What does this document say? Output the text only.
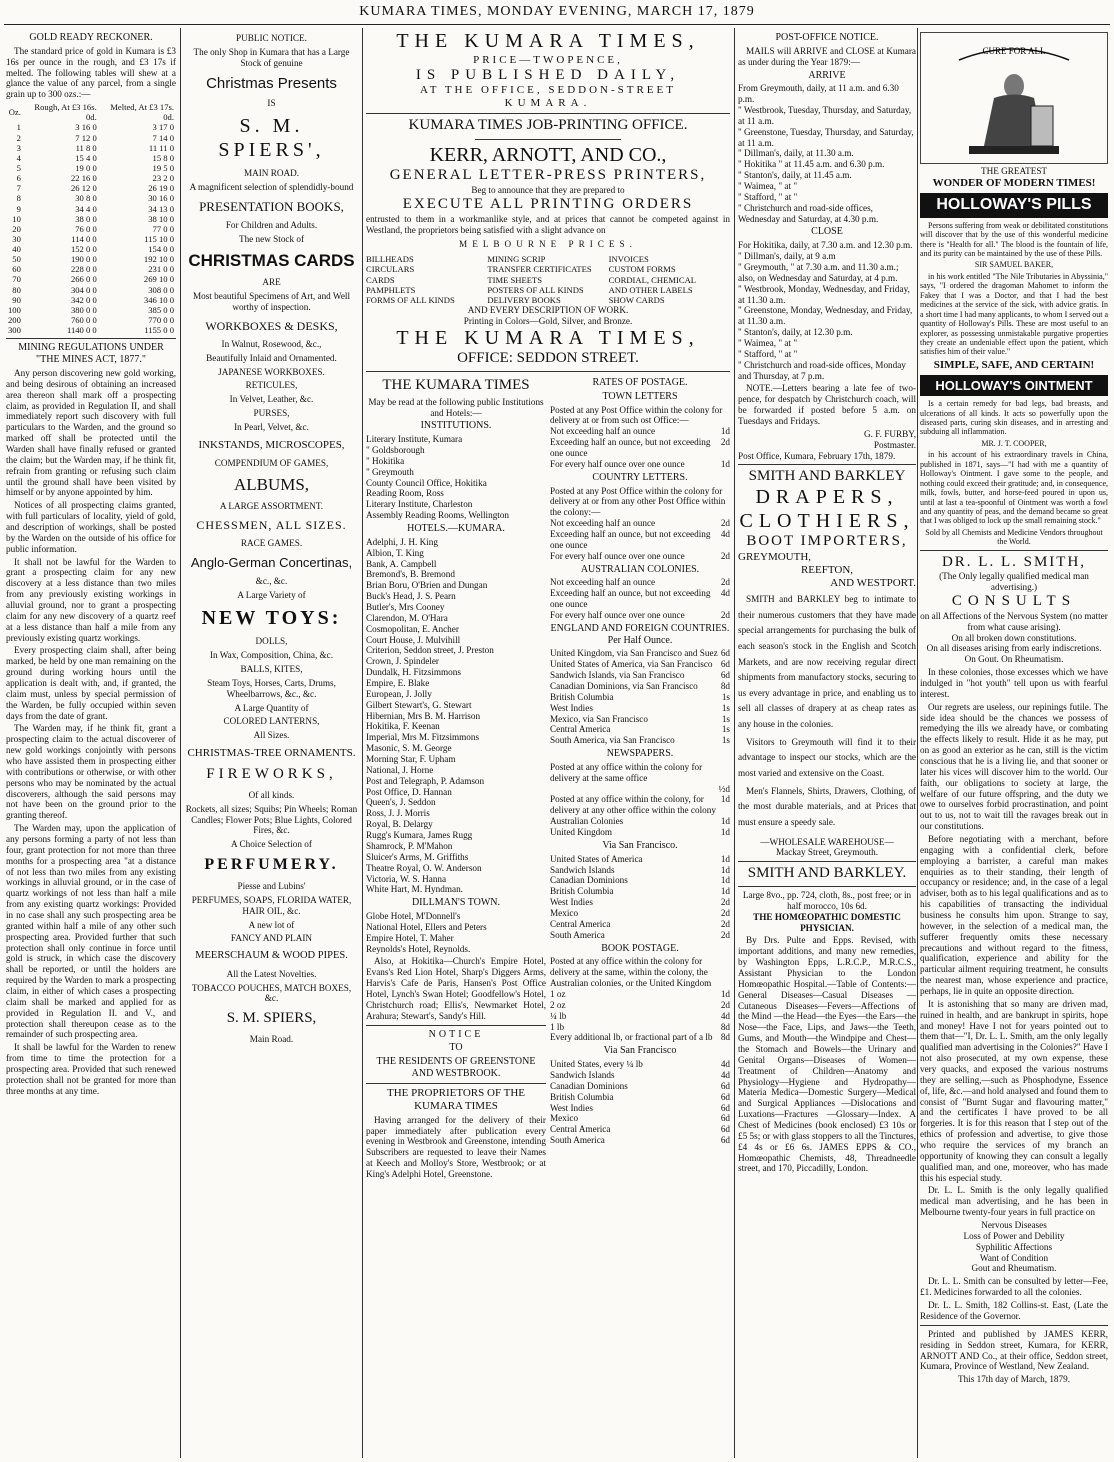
KUMARA TIMES, MONDAY EVENING, MARCH 17, 1879
GOLD READY RECKONER.

The standard price of gold in Kumara is £3 16s per ounce in the rough, and £3 17s if melted. The following tables will shew at a glance the value of any parcel, from a single grain up to 300 ozs.:—

Oz.	Rough, At £3 16s. 0d.	Melted, At £3 17s. 0d.
1	3 16 0	3 17 0
2	7 12 0	7 14 0
3	11 8 0	11 11 0
4	15 4 0	15 8 0
5	19 0 0	19 5 0
6	22 16 0	23 2 0
7	26 12 0	26 19 0
8	30 8 0	30 16 0
9	34 4 0	34 13 0
10	38 0 0	38 10 0
20	76 0 0	77 0 0
30	114 0 0	115 10 0
40	152 0 0	154 0 0
50	190 0 0	192 10 0
60	228 0 0	231 0 0
70	266 0 0	269 10 0
80	304 0 0	308 0 0
90	342 0 0	346 10 0
100	380 0 0	385 0 0
200	760 0 0	770 0 0
300	1140 0 0	1155 0 0
MINING REGULATIONS UNDER "THE MINES ACT, 1877."

Any person discovering new gold working, and being desirous of obtaining an increased area thereon shall mark off a prospecting claim, as provided in Regulation II, and shall immediately report such discovery with full particulars to the Warden, and the ground so marked off shall be protected until the Warden shall have finally refused or granted the claim; but the Warden may, if he think fit, refrain from granting or refusing such claim until the ground shall have been visited by himself or by anyone appointed by him.

Notices of all prospecting claims granted, with full particulars of locality, yield of gold, and description of workings, shall be posted by the Warden on the outside of his office for public information.

It shall not be lawful for the Warden to grant a prospecting claim for any new discovery at a less distance than two miles from any previously existing workings in alluvial ground, nor to grant a prospecting claim for any new discovery of a quartz reef at a less distance than half a mile from any previously existing quartz workings.

Every prospecting claim shall, after being marked, be held by one man remaining on the ground during working hours until the application is dealt with, and, if granted, the claim must, unless by special permission of the Warden, be fully occupied within seven days from the date of grant.

The Warden may, if he think fit, grant a prospecting claim to the actual discoverer of new gold workings conjointly with persons who have assisted them in prospecting either with contributions or otherwise, or with other persons who may be nominated by the actual discoverers, although the said persons may not have been on the ground prior to the granting thereof.

The Warden may, upon the application of any persons forming a party of not less than four, grant protection for not more than three months for a prospecting area "at a distance of not less than two miles from any existing workings in alluvial ground, or in the case of quartz workings of not less than half a mile from any existing quartz workings: Provided in no case shall any such prospecting area be granted within half a mile of any other such prospecting area. Provided further that such protection shall only continue in force until gold is struck, in which case the discovery shall be reported, or until the holders are required by the Warden to mark a prospecting claim, in either of which cases a prospecting claim shall be marked and applied for as provided in Regulation II. and V., and protection shall thereupon cease as to the remainder of such prospecting area.

It shall be lawful for the Warden to renew from time to time the protection for a prospecting area. Provided that such renewed protection shall not be granted for more than three months at any time.

PUBLIC NOTICE.
The only Shop in Kumara that has a Large Stock of genuine
Christmas Presents
IS
S. M. SPIERS',
MAIN ROAD.
A magnificent selection of splendidly-bound
PRESENTATION BOOKS,
For Children and Adults.
The new Stock of
CHRISTMAS CARDS
ARE
Most beautiful Specimens of Art, and Well worthy of inspection.
WORKBOXES & DESKS,
In Walnut, Rosewood, &c.,
Beautifully Inlaid and Ornamented.
JAPANESE WORKBOXES.
RETICULES,
In Velvet, Leather, &c.
PURSES,
In Pearl, Velvet, &c.
INKSTANDS, MICROSCOPES,
COMPENDIUM OF GAMES,
ALBUMS,
A LARGE ASSORTMENT.
CHESSMEN, ALL SIZES.
RACE GAMES.
Anglo-German Concertinas,
&c., &c.
A Large Variety of
NEW TOYS:
DOLLS,
In Wax, Composition, China, &c.
BALLS, KITES,
Steam Toys, Horses, Carts, Drums, Wheelbarrows, &c., &c.
A Large Quantity of
COLORED LANTERNS,
All Sizes.
CHRISTMAS-TREE ORNAMENTS.
FIREWORKS,
Of all kinds.
Rockets, all sizes; Squibs; Pin Wheels; Roman Candles; Flower Pots; Blue Lights, Colored Fires, &c.
A Choice Selection of
PERFUMERY.
Piesse and Lubins'
PERFUMES, SOAPS, FLORIDA WATER, HAIR OIL, &c.
A new lot of
FANCY AND PLAIN
MEERSCHAUM & WOOD PIPES.
All the Latest Novelties.
TOBACCO POUCHES, MATCH BOXES, &c.
S. M. SPIERS,
Main Road.
THE KUMARA TIMES,
PRICE—TWOPENCE,
IS PUBLISHED DAILY,
AT THE OFFICE, SEDDON-STREET
KUMARA.
KUMARA TIMES JOB-PRINTING OFFICE.
KERR, ARNOTT, AND CO.,
GENERAL LETTER-PRESS PRINTERS,
Beg to announce that they are prepared to
EXECUTE ALL PRINTING ORDERS
entrusted to them in a workmanlike style, and at prices that cannot be competed against in Westland, the proprietors being satisfied with a slight advance on
MELBOURNE PRICES.
BILLHEADS	MINING SCRIP	INVOICES
CIRCULARS	TRANSFER CERTIFICATES	CUSTOM FORMS
CARDS	TIME SHEETS	CORDIAL, CHEMICAL
PAMPHLETS	POSTERS OF ALL KINDS	AND OTHER LABELS
FORMS OF ALL KINDS	DELIVERY BOOKS	SHOW CARDS
AND EVERY DESCRIPTION OF WORK.
Printing in Colors—Gold, Silver, and Bronze.
THE KUMARA TIMES,
OFFICE: SEDDON STREET.
THE KUMARA TIMES
May be read at the following public Institutions and Hotels:—
INSTITUTIONS.
Literary Institute, Kumara
" Goldsborough
" Hokitika
" Greymouth
County Council Office, Hokitika
Reading Room, Ross
Literary Institute, Charleston
Assembly Reading Rooms, Wellington
HOTELS.—KUMARA.
Adelphi, J. H. King
Albion, T. King
Bank, A. Campbell
Bremond's, B. Bremond
Brian Boru, O'Brien and Dungan
Buck's Head, J. S. Pearn
Butler's, Mrs Cooney
Clarendon, M. O'Hara
Cosmopolitan, E. Ancher
Court House, J. Mulvihill
Criterion, Seddon street, J. Preston
Crown, J. Spindeler
Dundalk, H. Fitzsimmons
Empire, E. Blake
European, J. Jolly
Gilbert Stewart's, G. Stewart
Hibernian, Mrs B. M. Harrison
Hokitika, F. Keenan
Imperial, Mrs M. Fitzsimmons
Masonic, S. M. George
Morning Star, F. Upham
National, J. Horne
Post and Telegraph, P. Adamson
Post Office, D. Hannan
Queen's, J. Seddon
Ross, J. J. Morris
Royal, B. Delargy
Rugg's Kumara, James Rugg
Shamrock, P. M'Mahon
Sluicer's Arms, M. Griffiths
Theatre Royal, O. W. Anderson
Victoria, W. S. Hanna
White Hart, M. Hyndman.
DILLMAN'S TOWN.
Globe Hotel, M'Donnell's
National Hotel, Ellers and Peters
Empire Hotel, T. Maher
Reynolds's Hotel, Reynolds.

Also, at Hokitika—Church's Empire Hotel, Evans's Red Lion Hotel, Sharp's Diggers Arms, Harvis's Cafe de Paris, Hansen's Post Office Hotel, Lynch's Swan Hotel; Goodfellow's Hotel, Christchurch road; Ellis's, Newmarket Hotel, Arahura; Stewart's, Sandy's Hill.

NOTICE
TO
THE RESIDENTS OF GREENSTONE AND WESTBROOK.
THE PROPRIETORS OF THE KUMARA TIMES

Having arranged for the delivery of their paper immediately after publication every evening in Westbrook and Greenstone, intending Subscribers are requested to leave their Names at Keech and Molloy's Store, Westbrook; or at King's Adelphi Hotel, Greenstone.

RATES OF POSTAGE.
TOWN LETTERS
Posted at any Post Office within the colony for delivery at or from such ost Office:—
Not exceeding half an ounce	1d
Exceeding half an ounce, but not exceeding one ounce
2d
For every half ounce over one ounce	1d
COUNTRY LETTERS.
Posted at any Post Office within the colony for delivery at or from any other Post Office within the colony:—
Not exceeding half an ounce	2d
Exceeding half an ounce, but not exceeding one ounce
4d
For every half ounce over one ounce	2d
AUSTRALIAN COLONIES.
Not exceeding half an ounce	2d
Exceeding half an ounce, but not exceeding one ounce
4d
For every half ounce over one ounce	2d
ENGLAND AND FOREIGN COUNTRIES. Per Half Ounce.
United Kingdom, via San Francisco and Suez 6d
United States of America, via San Francisco 6d
Sandwich Islands, via San Francisco	6d
Canadian Dominions, via San Francisco	8d
British Columbia	1s
West Indies	1s
Mexico, via San Francisco	1s
Central America	1s
South America, via San Francisco	1s
NEWSPAPERS.
Posted at any office within the colony for delivery at the same office
½d
Posted at any office within the colony, for delivery at any other office within the colony
1d
Australian Colonies	1d
United Kingdom	1d
Via San Francisco.
United States of America	1d
Sandwich Islands	1d
Canadian Dominions	1d
British Columbia	1d
West Indies	2d
Mexico	2d
Central America	2d
South America	2d
BOOK POSTAGE.
Posted at any office within the colony for delivery at the same, within the colony, the Australian colonies, or the United Kingdom
1 oz	1d
2 oz	2d
¼ lb	4d
1 lb	8d
Every additional lb, or fractional part of a lb 8d
Via San Francisco
United States, every ¼ lb	4d
Sandwich Islands	4d
Canadian Dominions	6d
British Columbia	6d
West Indies	6d
Mexico	6d
Central America	6d
South America	6d
POST-OFFICE NOTICE.

MAILS will ARRIVE and CLOSE at Kumara as under during the Year 1879:—

ARRIVE
From Greymouth, daily, at 11 a.m. and 6.30 p.m.
" Westbrook, Tuesday, Thursday, and Saturday, at 11 a.m.
" Greenstone, Tuesday, Thursday, and Saturday, at 11 a.m.
" Dillman's, daily, at 11.30 a.m.
" Hokitika " at 11.45 a.m. and 6.30 p.m.
" Stanton's, daily, at 11.45 a.m.
" Waimea, " at "
" Stafford, " at "
" Christchurch and road-side offices, Wednesday and Saturday, at 4.30 p.m.
CLOSE
For Hokitika, daily, at 7.30 a.m. and 12.30 p.m.
" Dillman's, daily, at 9 a.m
" Greymouth, " at 7.30 a.m. and 11.30 a.m.; also, on Wednesday and Saturday, at 4 p.m.
" Westbrook, Monday, Wednesday, and Friday, at 11.30 a.m.
" Greenstone, Monday, Wednesday, and Friday, at 11.30 a.m.
" Stanton's, daily, at 12.30 p.m.
" Waimea, " at "
" Stafford, " at "
" Christchurch and road-side offices, Monday and Thursday, at 7 p.m.

NOTE.—Letters bearing a late fee of two-pence, for despatch by Christchurch coach, will be forwarded if posted before 5 a.m. on Tuesdays and Fridays.

G. F. FURBY,
Postmaster.
Post Office, Kumara, February 17th, 1879.
SMITH AND BARKLEY
DRAPERS,
CLOTHIERS,
BOOT IMPORTERS,
GREYMOUTH,
REEFTON,
AND WESTPORT.

SMITH and BARKLEY beg to intimate to their numerous customers that they have made special arrangements for purchasing the bulk of each season's stock in the English and Scotch Markets, and are now receiving regular direct shipments from manufactory stocks, securing to us every advantage in price, and enabling us to sell all classes of drapery at as cheap rates as any house in the colonies.

Visitors to Greymouth will find it to their advantage to inspect our stocks, which are the most varied and extensive on the Coast.

Men's Flannels, Shirts, Drawers, Clothing, of the most durable materials, and at Prices that must ensure a speedy sale.

—WHOLESALE WAREHOUSE—
Mackay Street, Greymouth.
SMITH AND BARKLEY.
Large 8vo., pp. 724, cloth, 8s., post free; or in half morocco, 10s 6d.
THE HOMŒOPATHIC DOMESTIC PHYSICIAN.

By Drs. Pulte and Epps. Revised, with important additions, and many new remedies, by Washington Epps, L.R.C.P., M.R.C.S., Assistant Physician to the London Homœopathic Hospital.—Table of Contents:—General Diseases—Casual Diseases — Cutaneous Diseases—Fevers—Affections of the Mind —the Head—the Eyes—the Ears—the Nose—the Face, Lips, and Jaws—the Teeth, Gums, and Mouth—the Windpipe and Chest—the Stomach and Bowels—the Urinary and Genital Organs—Diseases of Women—Treatment of Children—Anatomy and Physiology—Hygiene and Hydropathy—Materia Medica—Domestic Surgery—Medical and Surgical Appliances —Dislocations and Luxations—Fractures —Glossary—Index. A Chest of Medicines (book enclosed) £3 10s or £5 5s; or with glass stoppers to all the Tinctures, £4 4s or £6 6s. JAMES EPPS & CO., Homœopathic Chemists, 48, Threadneedle street, and 170, Piccadilly, London.

CURE FOR ALL
THE GREATEST
WONDER OF MODERN TIMES!
HOLLOWAY'S PILLS

Persons suffering from weak or debilitated constitutions will discover that by the use of this wonderful medicine there is "Health for all." The blood is the fountain of life, and its purity can be maintained by the use of these Pills.

SIR SAMUEL BAKER,

in his work entitled "The Nile Tributaries in Abyssinia," says, "I ordered the dragoman Mahomet to inform the Fakey that I was a Doctor, and that I had the best medicines at the service of the sick, with advice gratis. In a short time I had many applicants, to whom I served out a quantity of Holloway's Pills. These are most useful to an explorer, as possessing unmistakable purgative properties they create an undeniable effect upon the patient, which satisfies him of their value."

SIMPLE, SAFE, AND CERTAIN!
HOLLOWAY'S OINTMENT

Is a certain remedy for bad legs, bad breasts, and ulcerations of all kinds. It acts so powerfully upon the diseased parts, curing skin diseases, and in arresting and subduing all inflammation.

MR. J. T. COOPER,

in his account of his extraordinary travels in China, published in 1871, says—"I had with me a quantity of Holloway's Ointment. I gave some to the people, and nothing could exceed their gratitude; and, in consequence, milk, fowls, butter, and horse-feed poured in upon us, until at last a tea-spoonful of Ointment was worth a fowl and any quantity of peas, and the demand became so great that I was obliged to lock up the small remaining stock."

Sold by all Chemists and Medicine Vendors throughout the World.
DR. L. L. SMITH,
(The Only legally qualified medical man advertising.)
CONSULTS
on all Affections of the Nervous System (no matter from what cause arising).
On all broken down constitutions.
On all diseases arising from early indiscretions.
On Gout. On Rheumatism.

In these colonies, those excesses which we have indulged in "hot youth" tell upon us with fearful interest.

Our regrets are useless, our repinings futile. The side idea should be the chances we possess of remedying the ills we already have, or combating the effects likely to result. Hide it as he may, put on as good an exterior as he can, still is the victim conscious that he is a living lie, and that sooner or later his vices will discover him to the world. Our faith, our obligations to society at large, the welfare of our future offspring, and the duty we owe to ourselves forbid procrastination, and point out to us, not to wait till the ravages break out in our constitutions.

Before negotiating with a merchant, before engaging with a confidential clerk, before employing a barrister, a careful man makes enquiries as to their standing, their length of occupancy or residence; and, in the case of a legal adviser, both as to his legal qualifications and as to his capabilities of transacting the individual business he consults him upon. Strange to say, however, in the selection of a medical man, the sufferer frequently omits these necessary precautions and without regard to the fitness, qualification, experience and ability for the particular ailment requiring treatment, he consults the nearest man, whose experience and practice, perhaps, lie in quite an opposite direction.

It is astonishing that so many are driven mad, ruined in health, and are bankrupt in spirits, hope and money! Have I not for years pointed out to them that—"I, Dr. L. L. Smith, am the only legally qualified man advertising in the Colonies?" Have I not also prosecuted, at my own expense, these very quacks, and exposed the various nostrums they are selling,—such as Phosphodyne, Essence of, life, &c.—and hold analysed and found them to consist of "Burnt Sugar and flavouring matter," and the certificates I have proved to be all forgeries. It is for this reason that I step out of the ethics of profession and advertise, to give those who require the services of my branch an opportunity of knowing they can consult a legally qualified man, and one, moreover, who has made this his especial study.

Dr. L. L. Smith is the only legally qualified medical man advertising, and he has been in Melbourne twenty-four years in full practice on

Nervous Diseases
Loss of Power and Debility
Syphilitic Affections
Want of Condition
Gout and Rheumatism.

Dr. L. L. Smith can be consulted by letter—Fee, £1. Medicines forwarded to all the colonies.

Dr. L. L. Smith, 182 Collins-st. East, (Late the Residence of the Governor.

Printed and published by JAMES KERR, residing in Seddon street, Kumara, for KERR, ARNOTT AND Co., at their office, Seddon street, Kumara, Province of Westland, New Zealand.

This 17th day of March, 1879.
